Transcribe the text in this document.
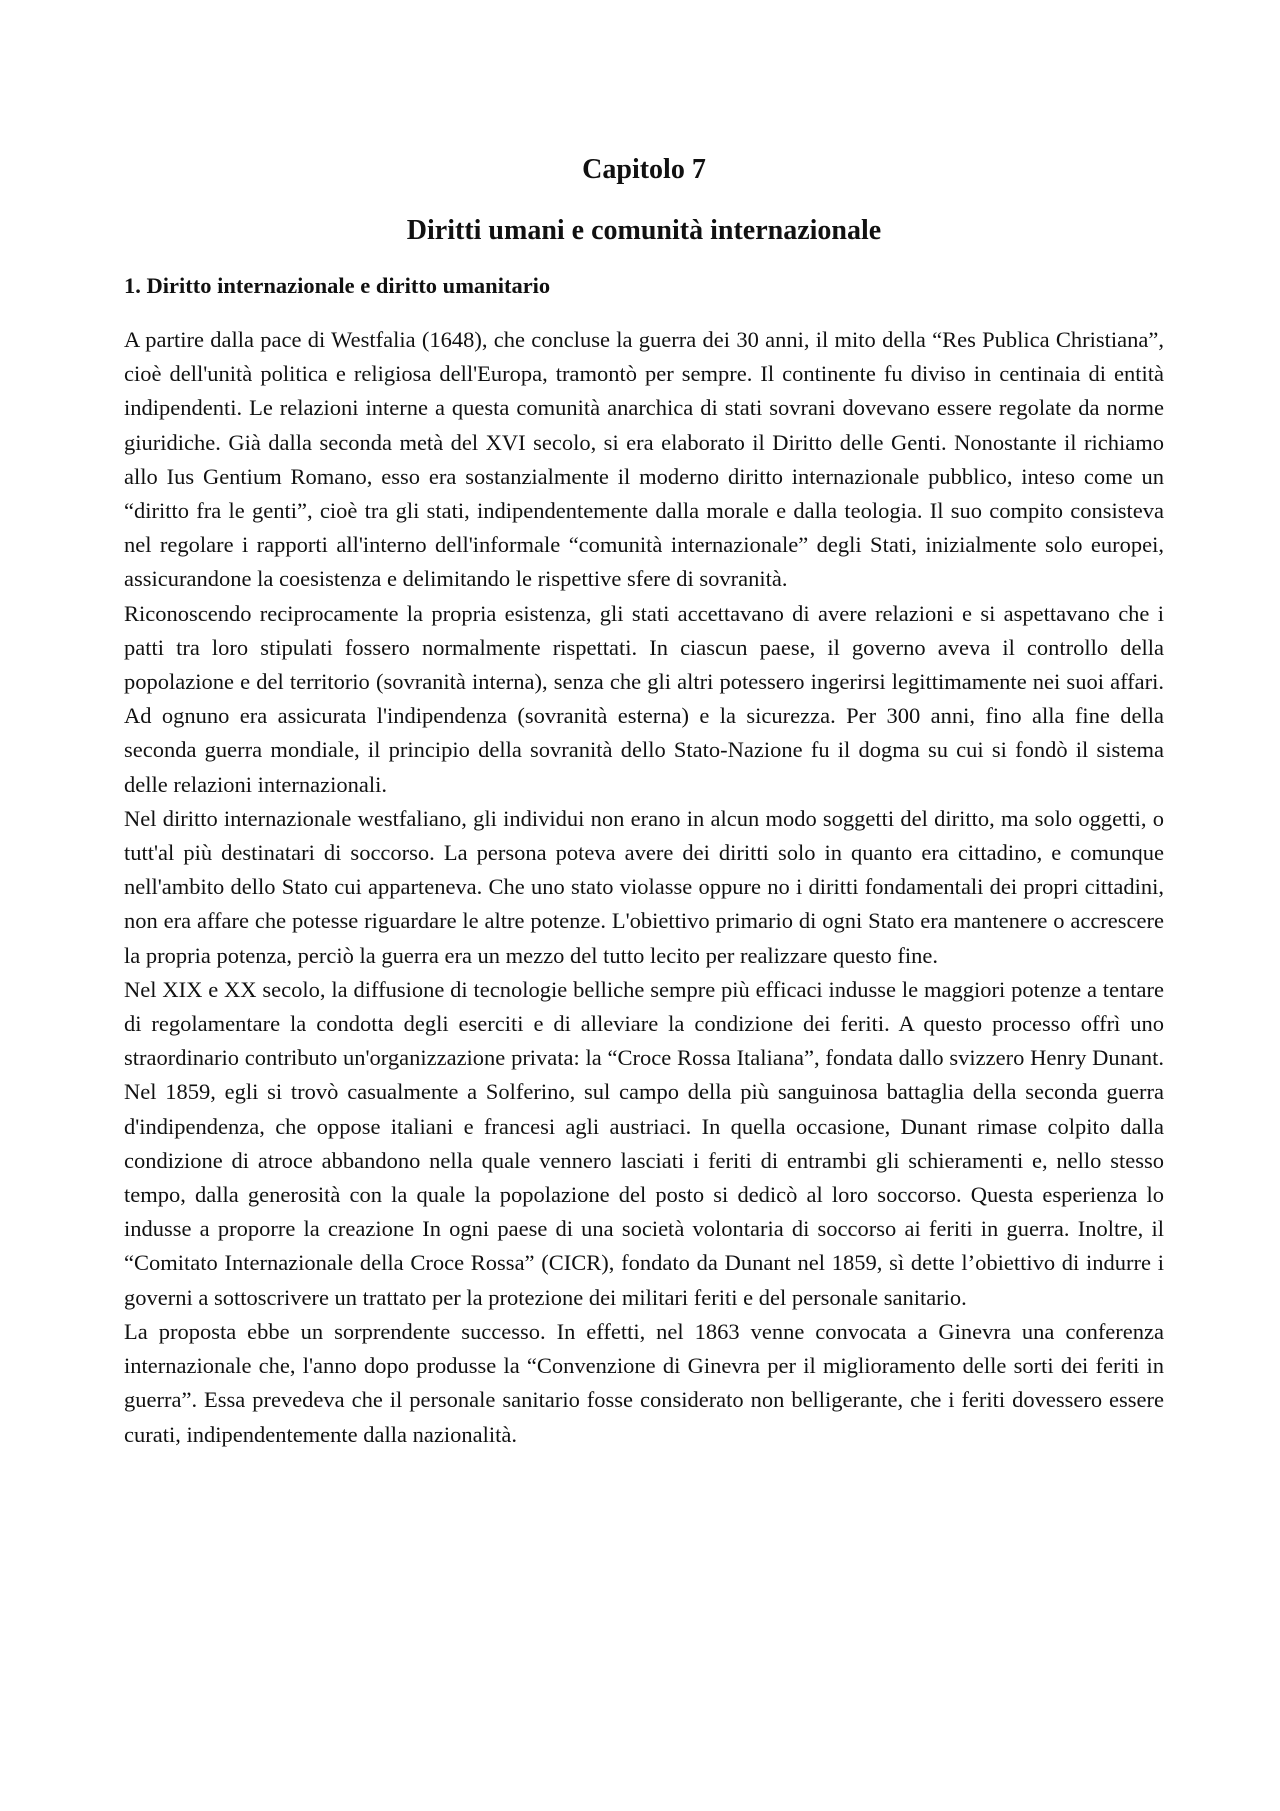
Capitolo 7
Diritti umani e comunità internazionale
1. Diritto internazionale e diritto umanitario

A partire dalla pace di Westfalia (1648), che concluse la guerra dei 30 anni, il mito della “Res Publica Christiana”, cioè dell'unità politica e religiosa dell'Europa, tramontò per sempre. Il continente fu diviso in centinaia di entità indipendenti. Le relazioni interne a questa comunità anarchica di stati sovrani dovevano essere regolate da norme giuridiche. Già dalla seconda metà del XVI secolo, si era elaborato il Diritto delle Genti. Nonostante il richiamo allo Ius Gentium Romano, esso era sostanzialmente il moderno diritto internazionale pubblico, inteso come un “diritto fra le genti”, cioè tra gli stati, indipendentemente dalla morale e dalla teologia. Il suo compito consisteva nel regolare i rapporti all'interno dell'informale “comunità internazionale” degli Stati, inizialmente solo europei, assicurandone la coesistenza e delimitando le rispettive sfere di sovranità.

Riconoscendo reciprocamente la propria esistenza, gli stati accettavano di avere relazioni e si aspettavano che i patti tra loro stipulati fossero normalmente rispettati. In ciascun paese, il governo aveva il controllo della popolazione e del territorio (sovranità interna), senza che gli altri potessero ingerirsi legittimamente nei suoi affari. Ad ognuno era assicurata l'indipendenza (sovranità esterna) e la sicurezza. Per 300 anni, fino alla fine della seconda guerra mondiale, il principio della sovranità dello Stato-Nazione fu il dogma su cui si fondò il sistema delle relazioni internazionali.

Nel diritto internazionale westfaliano, gli individui non erano in alcun modo soggetti del diritto, ma solo oggetti, o tutt'al più destinatari di soccorso. La persona poteva avere dei diritti solo in quanto era cittadino, e comunque nell'ambito dello Stato cui apparteneva. Che uno stato violasse oppure no i diritti fondamentali dei propri cittadini, non era affare che potesse riguardare le altre potenze. L'obiettivo primario di ogni Stato era mantenere o accrescere la propria potenza, perciò la guerra era un mezzo del tutto lecito per realizzare questo fine.

Nel XIX e XX secolo, la diffusione di tecnologie belliche sempre più efficaci indusse le maggiori potenze a tentare di regolamentare la condotta degli eserciti e di alleviare la condizione dei feriti. A questo processo offrì uno straordinario contributo un'organizzazione privata: la “Croce Rossa Italiana”, fondata dallo svizzero Henry Dunant. Nel 1859, egli si trovò casualmente a Solferino, sul campo della più sanguinosa battaglia della seconda guerra d'indipendenza, che oppose italiani e francesi agli austriaci. In quella occasione, Dunant rimase colpito dalla condizione di atroce abbandono nella quale vennero lasciati i feriti di entrambi gli schieramenti e, nello stesso tempo, dalla generosità con la quale la popolazione del posto si dedicò al loro soccorso. Questa esperienza lo indusse a proporre la creazione In ogni paese di una società volontaria di soccorso ai feriti in guerra. Inoltre, il “Comitato Internazionale della Croce Rossa” (CICR), fondato da Dunant nel 1859, sì dette l’obiettivo di indurre i governi a sottoscrivere un trattato per la protezione dei militari feriti e del personale sanitario.

La proposta ebbe un sorprendente successo. In effetti, nel 1863 venne convocata a Ginevra una conferenza internazionale che, l'anno dopo produsse la “Convenzione di Ginevra per il miglioramento delle sorti dei feriti in guerra”. Essa prevedeva che il personale sanitario fosse considerato non belligerante, che i feriti dovessero essere curati, indipendentemente dalla nazionalità.
